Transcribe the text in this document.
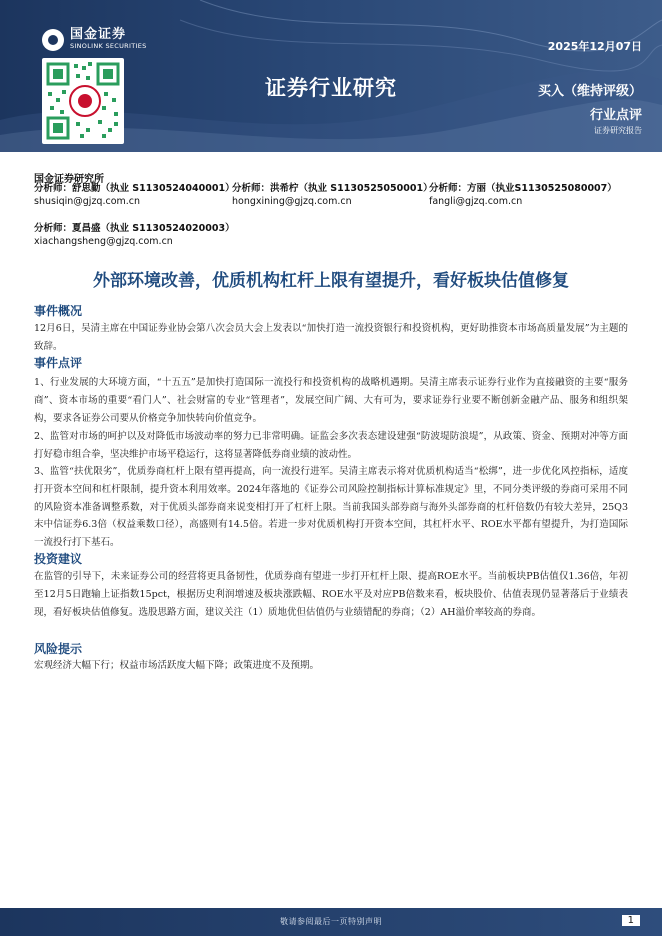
国金证券
SINOLINK SECURITIES	2025年12月07日
证券行业研究	买入（维持评级）
行业点评
证券研究报告
国金证券研究所
分析师：舒思勤（执业 S1130524040001）
shusiqin@gjzq.com.cn
分析师：洪希柠（执业 S1130525050001）
hongxining@gjzq.com.cn
分析师：方丽（执业S1130525080007）
fangli@gjzq.com.cn
分析师：夏昌盛（执业 S1130524020003）
xiachangsheng@gjzq.com.cn
外部环境改善，优质机构杠杆上限有望提升，看好板块估值修复
事件概况

12月6日，吴清主席在中国证券业协会第八次会员大会上发表以“加快打造一流投资银行和投资机构，更好助推资本市场高质量发展”为主题的致辞。

事件点评

1、行业发展的大环境方面，“十五五”是加快打造国际一流投行和投资机构的战略机遇期。吴清主席表示证券行业作为直接融资的主要“服务商”、资本市场的重要“看门人”、社会财富的专业“管理者”，发展空间广阔、大有可为，要求证券行业要不断创新金融产品、服务和组织架构，要求各证券公司要从价格竞争加快转向价值竞争。

2、监管对市场的呵护以及对降低市场波动率的努力已非常明确。证监会多次表态建设建强“防波堤防浪堤”，从政策、资金、预期对冲等方面打好稳市组合拳，坚决维护市场平稳运行，这将显著降低券商业绩的波动性。

3、监管“扶优限劣”，优质券商杠杆上限有望再提高，向一流投行进军。吴清主席表示将对优质机构适当“松绑”，进一步优化风控指标，适度打开资本空间和杠杆限制，提升资本利用效率。2024年落地的《证券公司风险控制指标计算标准规定》里，不同分类评级的券商可采用不同的风险资本准备调整系数，对于优质头部券商来说变相打开了杠杆上限。当前我国头部券商与海外头部券商的杠杆倍数仍有较大差异，25Q3末中信证券6.3倍（权益乘数口径），高盛则有14.5倍。若进一步对优质机构打开资本空间，其杠杆水平、ROE水平都有望提升，为打造国际一流投行打下基石。

投资建议

在监管的引导下，未来证券公司的经营将更具备韧性，优质券商有望进一步打开杠杆上限、提高ROE水平。当前板块PB估值仅1.36倍，年初至12月5日跑输上证指数15pct，根据历史利润增速及板块涨跌幅、ROE水平及对应PB倍数来看，板块股价、估值表现仍显著落后于业绩表现，看好板块估值修复。选股思路方面，建议关注（1）质地优但估值仍与业绩错配的券商；（2）AH溢价率较高的券商。

风险提示

宏观经济大幅下行；权益市场活跃度大幅下降；政策进度不及预期。

敬请参阅最后一页特别声明	1
